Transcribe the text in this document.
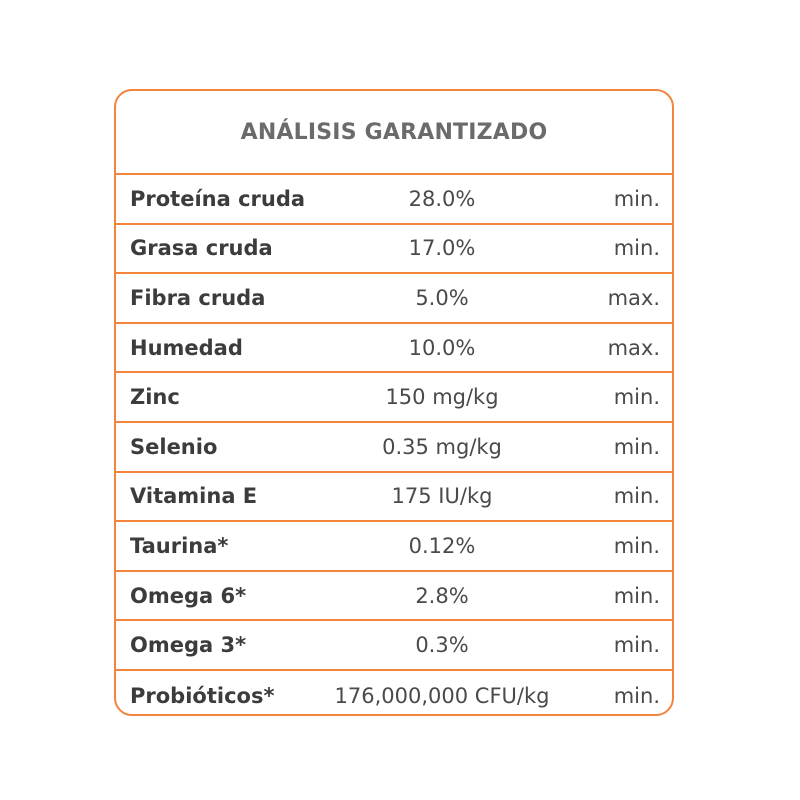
ANÁLISIS GARANTIZADO
Proteína cruda	28.0%	min.
Grasa cruda	17.0%	min.
Fibra cruda	5.0%	max.
Humedad	10.0%	max.
Zinc	150 mg/kg	min.
Selenio	0.35 mg/kg	min.
Vitamina E	175 IU/kg	min.
Taurina*	0.12%	min.
Omega 6*	2.8%	min.
Omega 3*	0.3%	min.
Probióticos*	176,000,000 CFU/kg	min.
